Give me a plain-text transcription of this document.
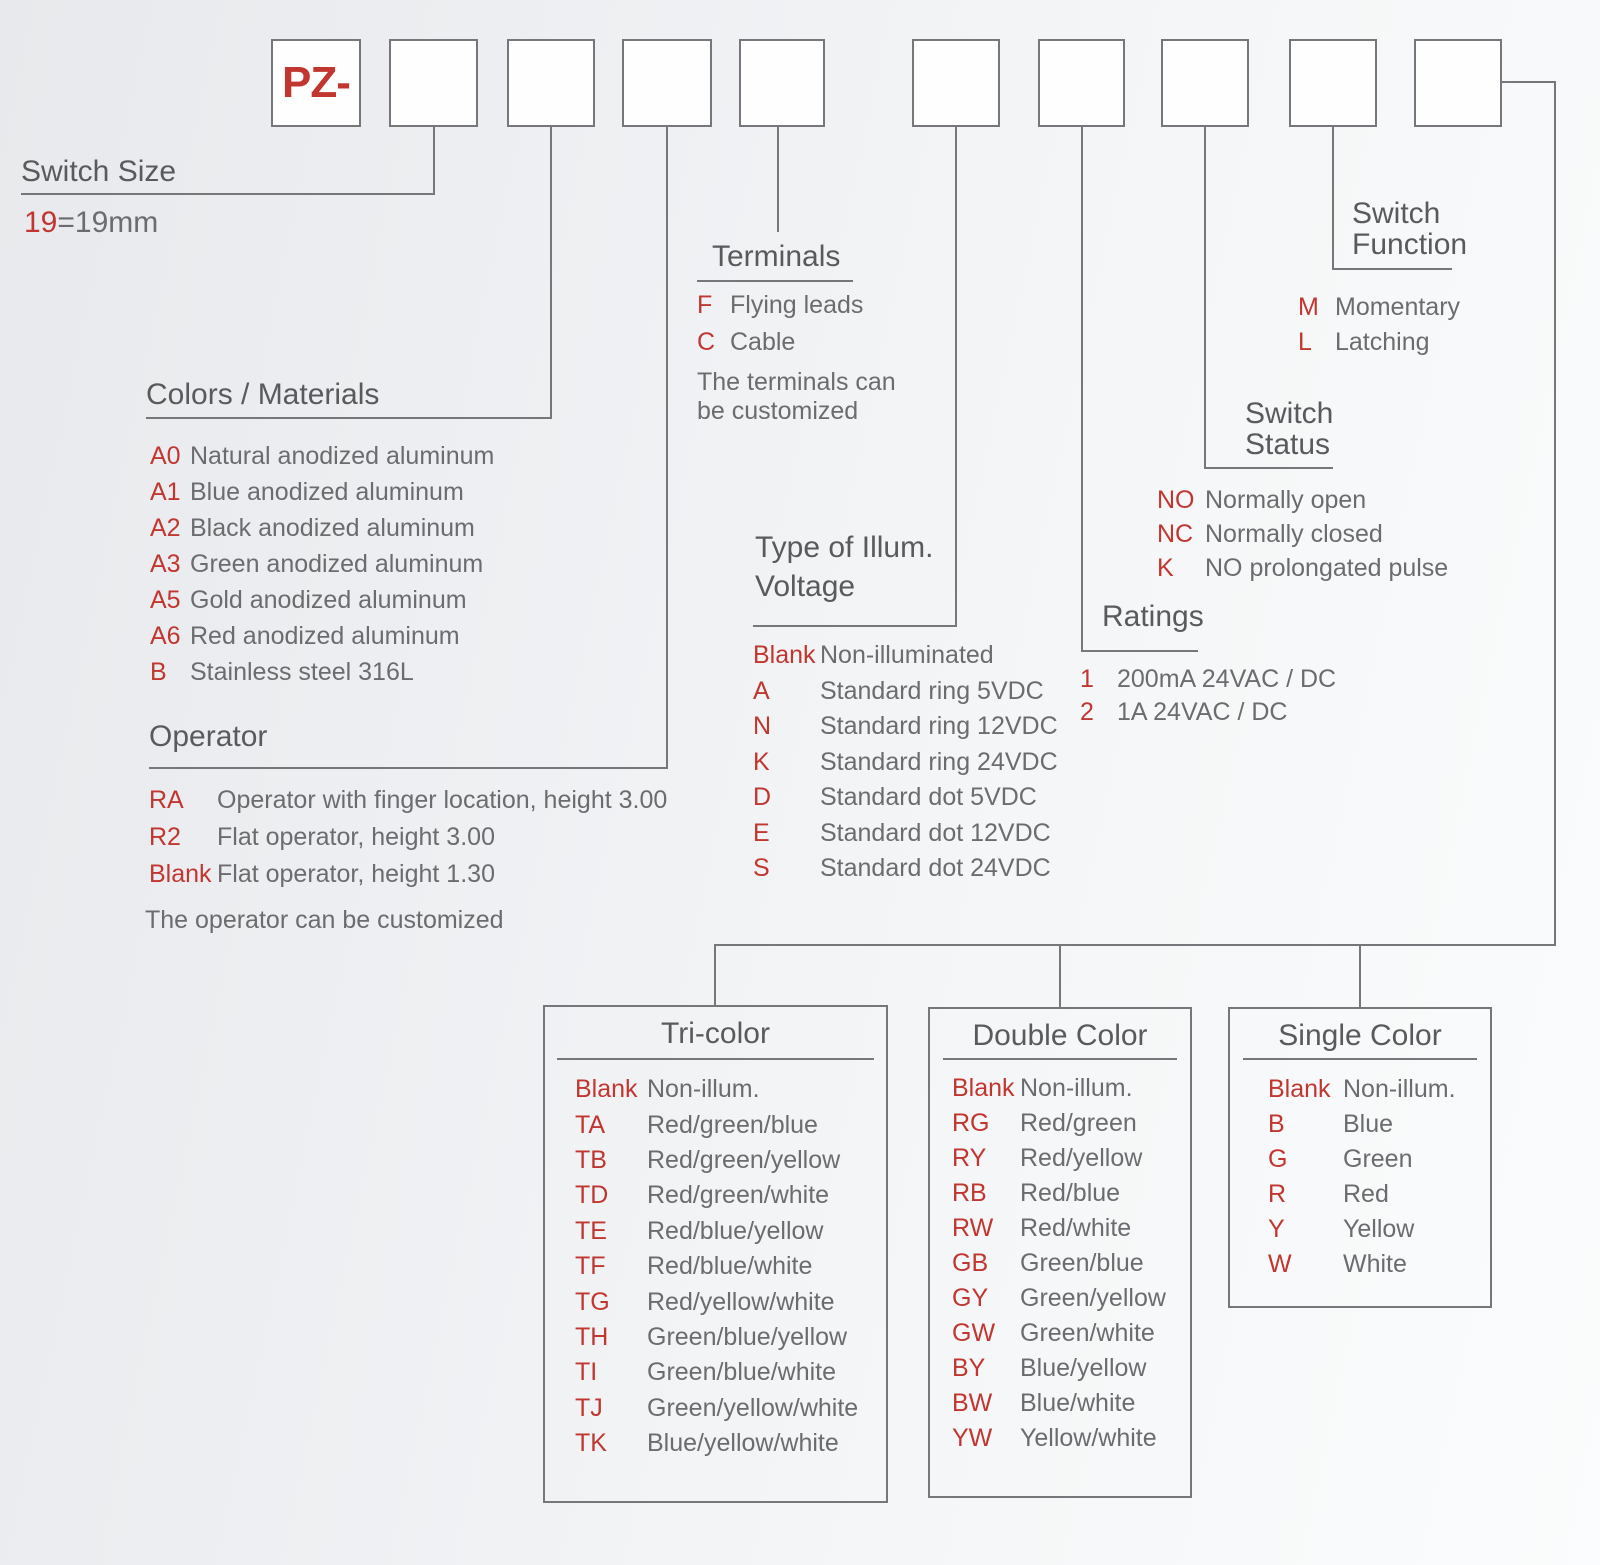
PZ-
Switch Size
19=19mm
Colors / Materials
A0 Natural anodized aluminum
A1 Blue anodized aluminum
A2 Black anodized aluminum
A3 Green anodized aluminum
A5 Gold anodized aluminum
A6 Red anodized aluminum
B Stainless steel 316L
Operator
RA	Operator with finger location, height 3.00
R2	Flat operator, height 3.00
Blank Flat operator, height 1.30
The operator can be customized
Terminals
F Flying leads
C Cable
The terminals can be customized
Type of Illum.
Voltage
Blank Non-illuminated
A	Standard ring 5VDC
N	Standard ring 12VDC
K	Standard ring 24VDC
D	Standard dot 5VDC
E	Standard dot 12VDC
S	Standard dot 24VDC
Ratings
1 200mA 24VAC / DC
2 1A 24VAC / DC
Switch
Status
NO Normally open
NC Normally closed
K	NO prolongated pulse
Switch
Function
M Momentary
L Latching
Tri-color
Blank Non-illum.
TA	Red/green/blue
TB	Red/green/yellow
TD	Red/green/white
TE	Red/blue/yellow
TF	Red/blue/white
TG	Red/yellow/white
TH	Green/blue/yellow
TI	Green/blue/white
TJ	Green/yellow/white
TK	Blue/yellow/white
Double Color
Blank Non-illum.
RG	Red/green
RY	Red/yellow
RB	Red/blue
RW	Red/white
GB	Green/blue
GY	Green/yellow
GW Green/white
BY	Blue/yellow
BW	Blue/white
YW	Yellow/white
Single Color
Blank Non-illum.
B	Blue
G	Green
R	Red
Y	Yellow
W	White
